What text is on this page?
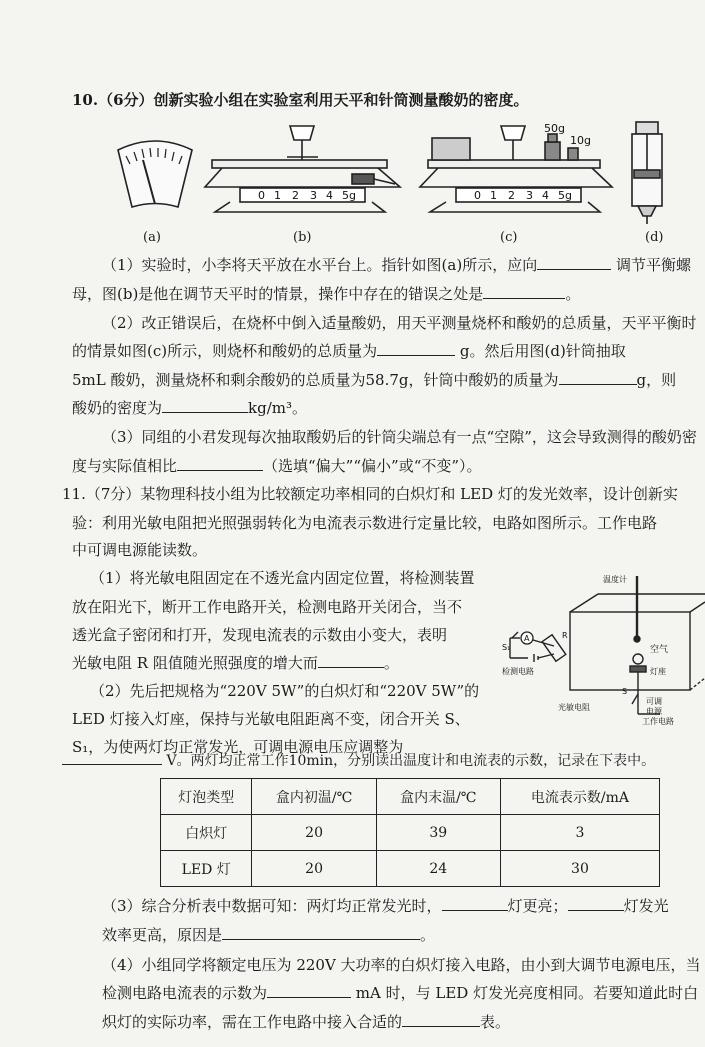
10.（6分）创新实验小组在实验室利用天平和针筒测量酸奶的密度。
0 1 2 3 4 5g	0 1 2 3 4 5g
50g
10g
(a)	(b)	(c)	(d)
（1）实验时，小李将天平放在水平台上。指针如图(a)所示，应向	调节平衡螺
母，图(b)是他在调节天平时的情景，操作中存在的错误之处是	。
（2）改正错误后，在烧杯中倒入适量酸奶，用天平测量烧杯和酸奶的总质量，天平平衡时
的情景如图(c)所示，则烧杯和酸奶的总质量为	g。然后用图(d)针筒抽取
5mL 酸奶，测量烧杯和剩余酸奶的总质量为58.7g，针筒中酸奶的质量为	g，则
酸奶的密度为	kg/m³。
（3）同组的小君发现每次抽取酸奶后的针筒尖端总有一点“空隙”，这会导致测得的酸奶密
度与实际值相比	（选填“偏大”“偏小”或“不变”）。
11.（7分）某物理科技小组为比较额定功率相同的白炽灯和 LED 灯的发光效率，设计创新实
验：利用光敏电阻把光照强弱转化为电流表示数进行定量比较，电路如图所示。工作电路
中可调电源能读数。
（1）将光敏电阻固定在不透光盒内固定位置，将检测装置
放在阳光下，断开工作电路开关，检测电路开关闭合，当不
透光盒子密闭和打开，发现电流表的示数由小变大，表明
光敏电阻 R 阻值随光照强度的增大而	。
（2）先后把规格为“220V 5W”的白炽灯和“220V 5W”的
LED 灯接入灯座，保持与光敏电阻距离不变，闭合开关 S、
S₁，为使两灯均正常发光，可调电源电压应调整为
V。两灯均正常工作10min，分别读出温度计和电流表的示数，记录在下表中。
A
温度计
空气
灯座
S₁
S
R
检测电路
光敏电阻
可调
电源
工作电路
灯泡类型	盒内初温/℃	盒内末温/℃	电流表示数/mA
白炽灯	20	39	3
LED 灯	20	24	30
（3）综合分析表中数据可知：两灯均正常发光时，	灯更亮；	灯发光
效率更高，原因是	。
（4）小组同学将额定电压为 220V 大功率的白炽灯接入电路，由小到大调节电源电压，当
检测电路电流表的示数为	mA 时，与 LED 灯发光亮度相同。若要知道此时白
炽灯的实际功率，需在工作电路中接入合适的	表。
